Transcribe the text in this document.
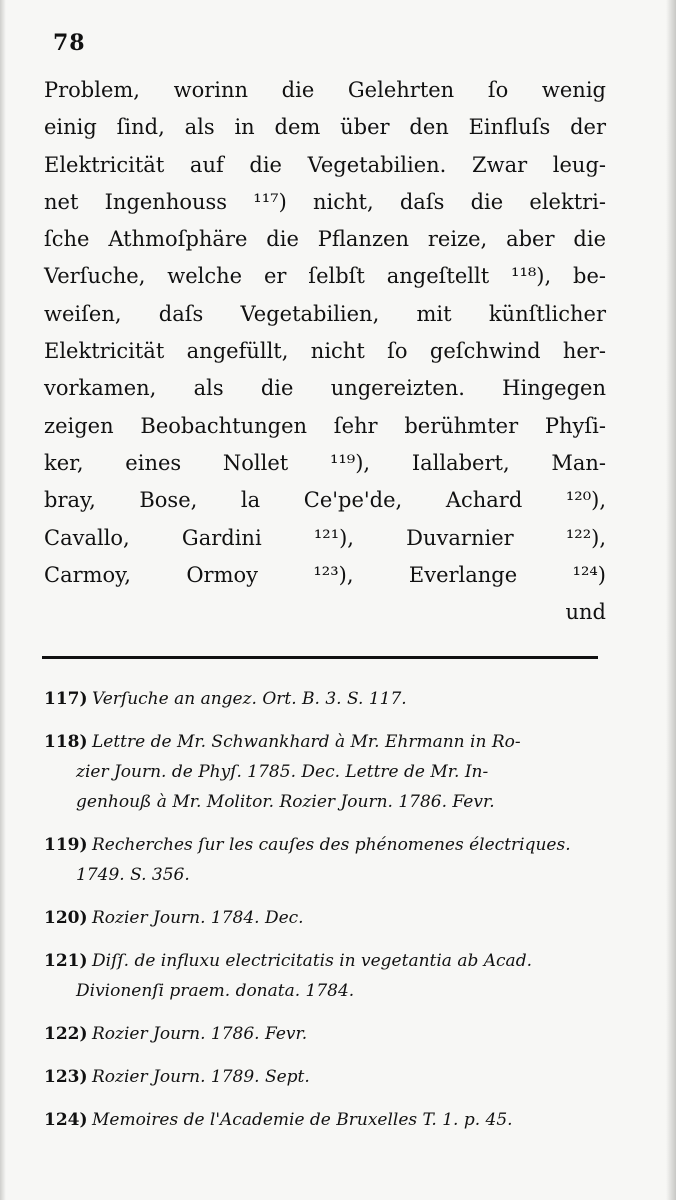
78
Problem, worinn die Gelehrten ſo wenig
einig ſind, als in dem über den Einfluſs der
Elektricität auf die Vegetabilien. Zwar leug-
net Ingenhouss ¹¹⁷) nicht, daſs die elektri-
ſche Athmoſphäre die Pflanzen reize, aber die
Verſuche, welche er ſelbſt angeſtellt ¹¹⁸), be-
weiſen, daſs Vegetabilien, mit künſtlicher
Elektricität angefüllt, nicht ſo geſchwind her-
vorkamen, als die ungereizten. Hingegen
zeigen Beobachtungen ſehr berühmter Phyſi-
ker, eines Nollet ¹¹⁹), Iallabert, Man-
bray, Bose, la Ce'pe'de, Achard ¹²⁰),
Cavallo, Gardini ¹²¹), Duvarnier ¹²²),
Carmoy, Ormoy ¹²³), Everlange ¹²⁴)
und
117) Verſuche an angez. Ort. B. 3. S. 117.
118) Lettre de Mr. Schwankhard à Mr. Ehrmann in Ro-
zier Journ. de Phyſ. 1785. Dec. Lettre de Mr. In-
genhouß à Mr. Molitor. Rozier Journ. 1786. Fevr.
119) Recherches ſur les cauſes des phénomenes électriques.
1749. S. 356.
120) Rozier Journ. 1784. Dec.
121) Diſſ. de influxu electricitatis in vegetantia ab Acad.
Divionenſi praem. donata. 1784.
122) Rozier Journ. 1786. Fevr.
123) Rozier Journ. 1789. Sept.
124) Memoires de l'Academie de Bruxelles T. 1. p. 45.
